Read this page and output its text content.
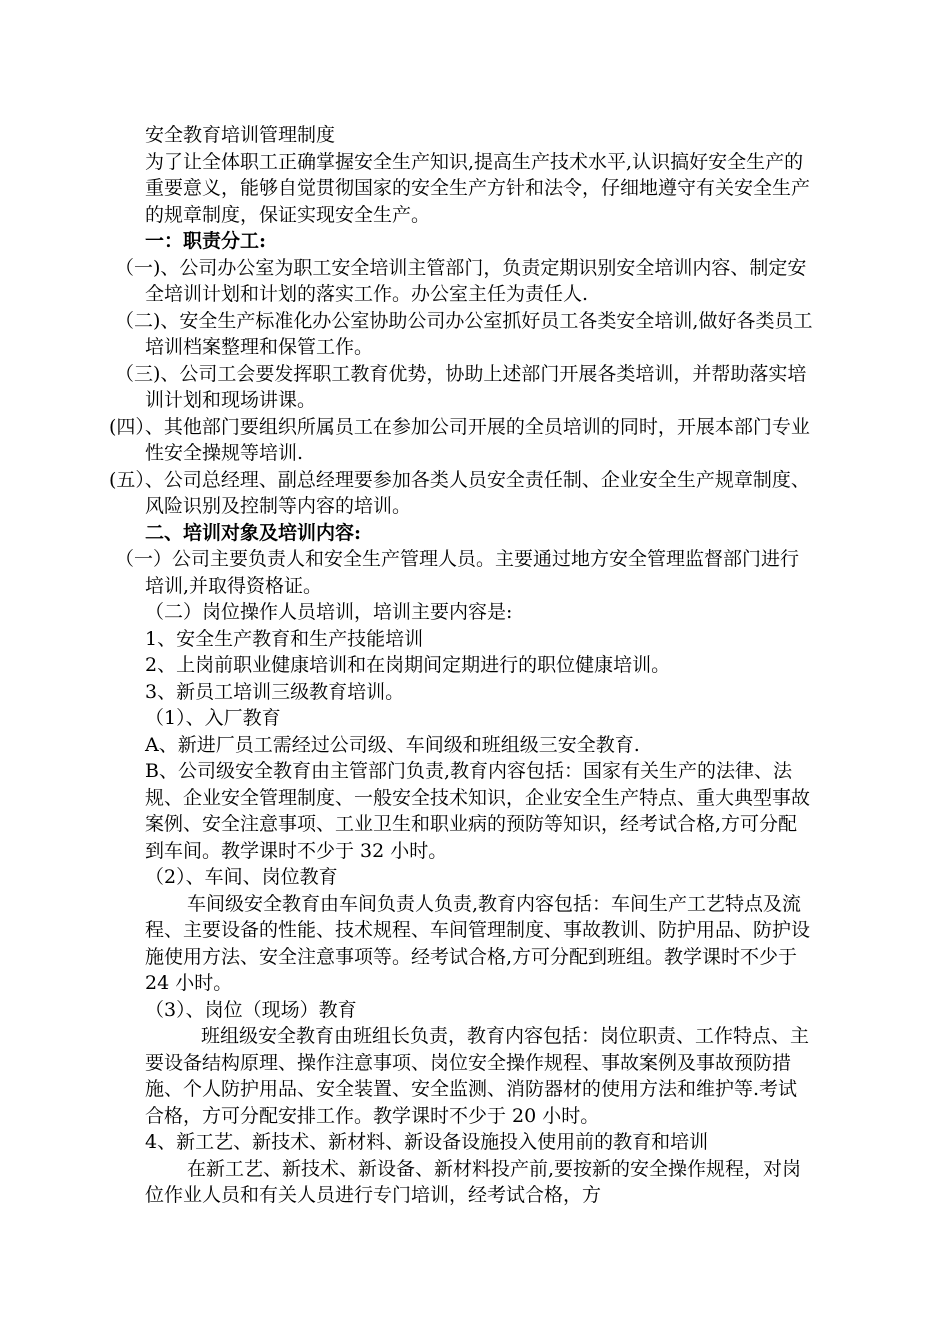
安全教育培训管理制度

为了让全体职工正确掌握安全生产知识,提高生产技术水平,认识搞好安全生产的重要意义，能够自觉贯彻国家的安全生产方针和法令，仔细地遵守有关安全生产的规章制度，保证实现安全生产。

一：职责分工:

（一)、公司办公室为职工安全培训主管部门，负责定期识别安全培训内容、制定安全培训计划和计划的落实工作。办公室主任为责任人.

（二)、安全生产标准化办公室协助公司办公室抓好员工各类安全培训,做好各类员工培训档案整理和保管工作。

（三)、公司工会要发挥职工教育优势，协助上述部门开展各类培训，并帮助落实培训计划和现场讲课。

(四）、其他部门要组织所属员工在参加公司开展的全员培训的同时，开展本部门专业性安全操规等培训.

(五）、公司总经理、副总经理要参加各类人员安全责任制、企业安全生产规章制度、风险识别及控制等内容的培训。

二、培训对象及培训内容:

（一）公司主要负责人和安全生产管理人员。主要通过地方安全管理监督部门进行培训,并取得资格证。

（二）岗位操作人员培训，培训主要内容是:

1、安全生产教育和生产技能培训

2、上岗前职业健康培训和在岗期间定期进行的职位健康培训。

3、新员工培训三级教育培训。

（1）、入厂教育

A、新进厂员工需经过公司级、车间级和班组级三安全教育.

B、公司级安全教育由主管部门负责,教育内容包括：国家有关生产的法律、法规、企业安全管理制度、一般安全技术知识，企业安全生产特点、重大典型事故案例、安全注意事项、工业卫生和职业病的预防等知识，经考试合格,方可分配到车间。教学课时不少于 32 小时。

（2）、车间、岗位教育

车间级安全教育由车间负责人负责,教育内容包括：车间生产工艺特点及流程、主要设备的性能、技术规程、车间管理制度、事故教训、防护用品、防护设施使用方法、安全注意事项等。经考试合格,方可分配到班组。教学课时不少于 24 小时。

（3）、岗位（现场）教育

班组级安全教育由班组长负责，教育内容包括：岗位职责、工作特点、主要设备结构原理、操作注意事项、岗位安全操作规程、事故案例及事故预防措施、个人防护用品、安全装置、安全监测、消防器材的使用方法和维护等.考试合格，方可分配安排工作。教学课时不少于 20 小时。

4、新工艺、新技术、新材料、新设备设施投入使用前的教育和培训

在新工艺、新技术、新设备、新材料投产前,要按新的安全操作规程，对岗位作业人员和有关人员进行专门培训，经考试合格，方
